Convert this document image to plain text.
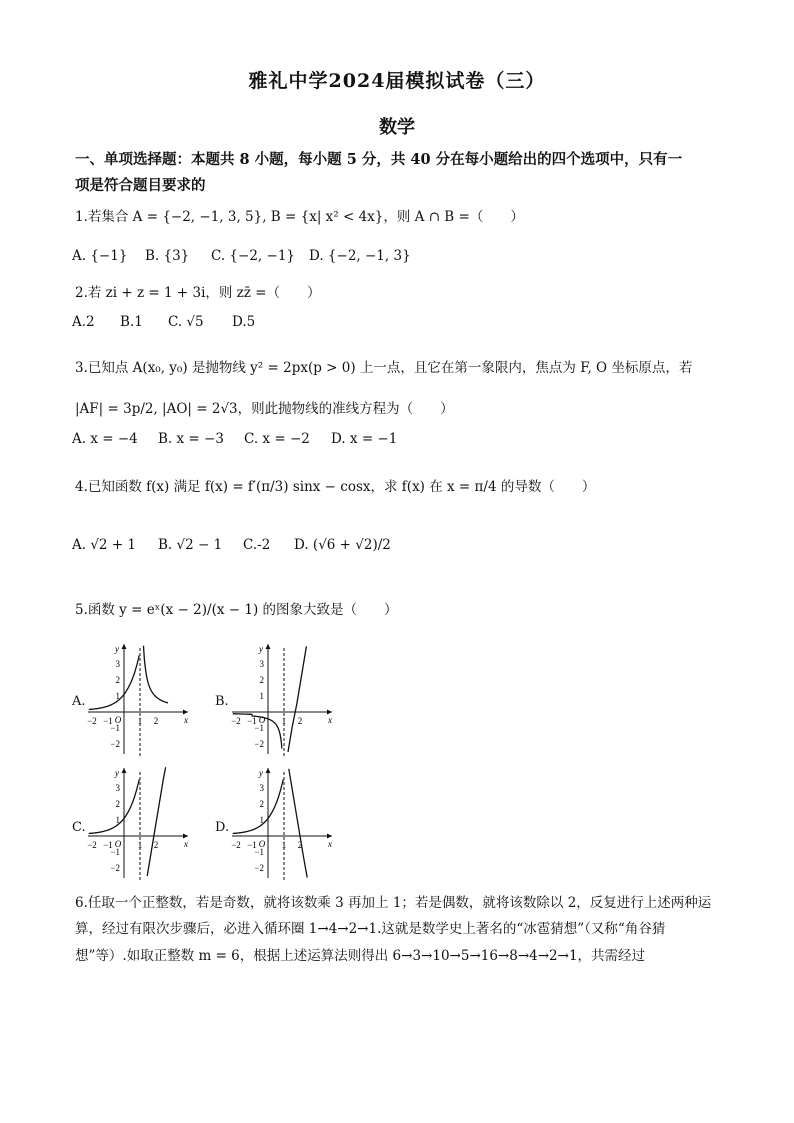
雅礼中学2024届模拟试卷（三）
数学
一、单项选择题：本题共 8 小题，每小题 5 分，共 40 分在每小题给出的四个选项中，只有一
项是符合题目要求的
1.若集合 A = {−2, −1, 3, 5}, B = {x| x² < 4x}，则 A ∩ B =（　　）
A. {−1} B. {3} C. {−2, −1} D. {−2, −1, 3}
2.若 zi + z = 1 + 3i，则 zz̄ =（　　）
A.2 B.1 C. √5 D.5
3.已知点 A(x₀, y₀) 是抛物线 y² = 2px(p > 0) 上一点，且它在第一象限内，焦点为 F, O 坐标原点，若
|AF| = 3p/2, |AO| = 2√3，则此抛物线的准线方程为（　　）
A. x = −4 B. x = −3 C. x = −2 D. x = −1
4.已知函数 f(x) 满足 f(x) = f′(π/3) sinx − cosx，求 f(x) 在 x = π/4 的导数（　　）
A. √2 + 1 B. √2 − 1 C.-2 D. (√6 + √2)/2
5.函数 y = eˣ(x − 2)/(x − 1) 的图象大致是（　　）
A.	B.
C.	D.
−2 −1	1 2
O	x
y
3
2
1
−1
−2
−2 −1	1 2
O	x
y
3
2
1
−1
−2
−2 −1	1 2
O	x
y
3
2
1
−1
−2
−2 −1	1 2
O	x
y
3
2
1
−1
−2
6.任取一个正整数，若是奇数，就将该数乘 3 再加上 1；若是偶数，就将该数除以 2，反复进行上述两种运
算，经过有限次步骤后，必进入循环圈 1→4→2→1.这就是数学史上著名的“冰雹猜想”（又称“角谷猜
想”等）.如取正整数 m = 6，根据上述运算法则得出 6→3→10→5→16→8→4→2→1，共需经过
